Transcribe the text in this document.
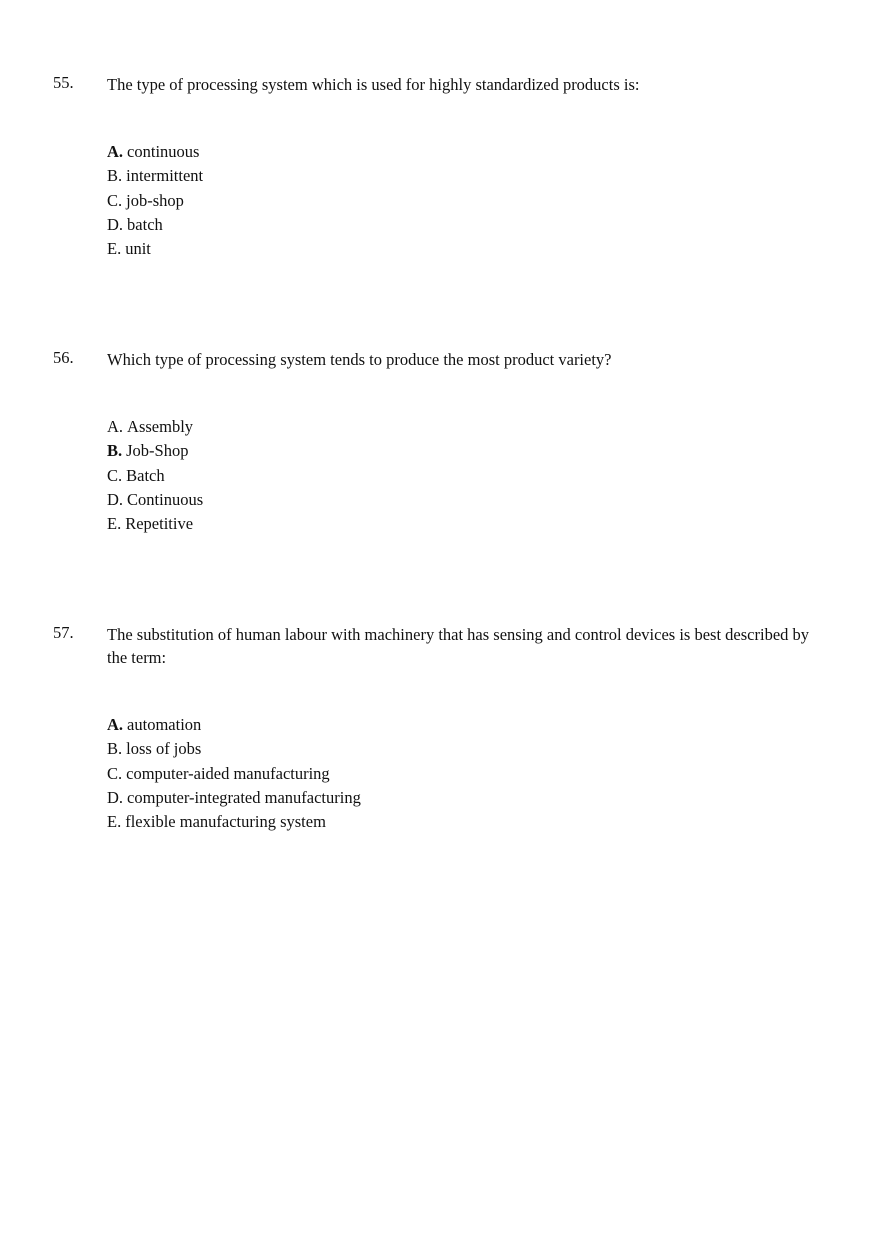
55. The type of processing system which is used for highly standardized products is:
A. continuous
B. intermittent
C. job-shop
D. batch
E. unit
56. Which type of processing system tends to produce the most product variety?
A. Assembly
B. Job-Shop
C. Batch
D. Continuous
E. Repetitive
57. The substitution of human labour with machinery that has sensing and control devices is best described by the term:
A. automation
B. loss of jobs
C. computer-aided manufacturing
D. computer-integrated manufacturing
E. flexible manufacturing system
